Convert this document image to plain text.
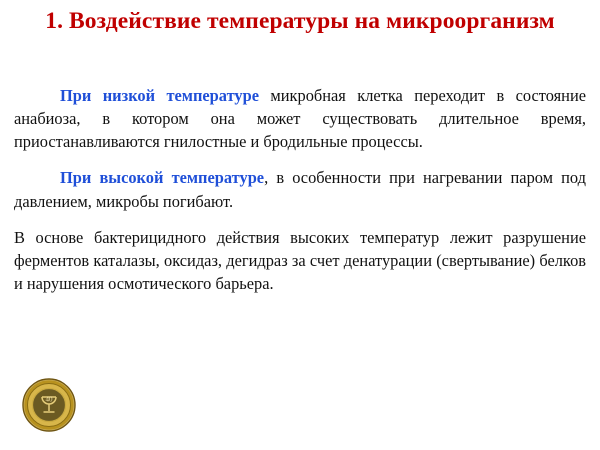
1. Воздействие температуры на микроорганизм

При низкой температуре микробная клетка переходит в состояние анабиоза, в котором она может существовать длительное время, приостанавливаются гнилостные и бродильные процессы.

При высокой температуре, в особенности при нагревании паром под давлением, микробы погибают.

В основе бактерицидного действия высоких температур лежит разрушение ферментов каталазы, оксидаз, дегидраз за счет денатурации (свертывание) белков и нарушения осмотического барьера.

40
